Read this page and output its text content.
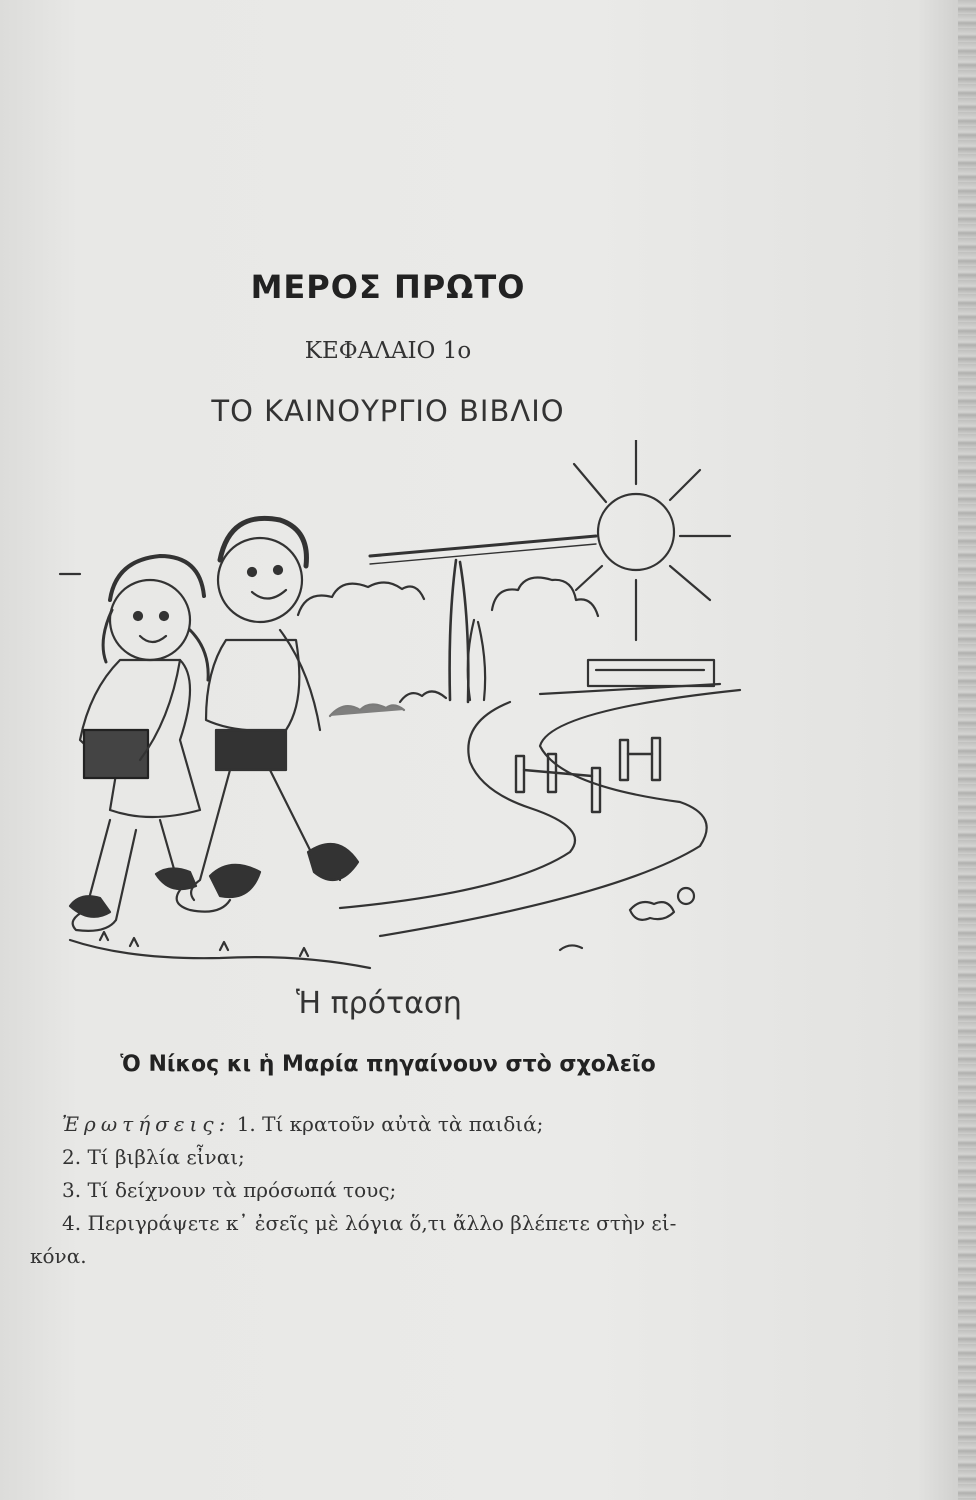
ΜΕΡΟΣ ΠΡΩΤΟ
ΚΕΦΑΛΑΙΟ 1ο
ΤΟ ΚΑΙΝΟΥΡΓΙΟ ΒΙΒΛΙΟ
Ἡ πρόταση
Ὁ Νίκος κι ἡ Μαρία πηγαίνουν στὸ σχολεῖο
Ἐρωτήσεις: 1. Τί κρατοῦν αὐτὰ τὰ παιδιά;
2. Τί βιβλία εἶναι;
3. Τί δείχνουν τὰ πρόσωπά τους;
4. Περιγράψετε κ᾽ ἐσεῖς μὲ λόγια ὅ,τι ἄλλο βλέπετε στὴν εἰ-
κόνα.
